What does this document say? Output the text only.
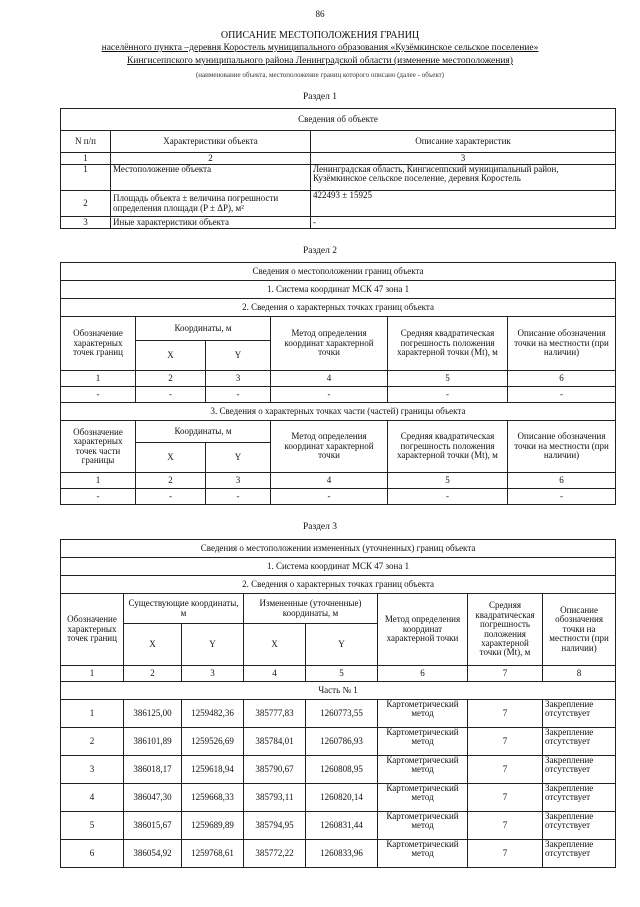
86
ОПИСАНИЕ МЕСТОПОЛОЖЕНИЯ ГРАНИЦ
населённого пункта –деревня Коростель муниципального образования «Кузёмкинское сельское поселение»
Кингисеппского муниципального района Ленинградской области (изменение местоположения)
(наименование объекта, местоположение границ которого описано (далее - объект)
Раздел 1
Сведения об объекте		
N п/п	Характеристики объекта	Описание характеристик
1	2	3
1	Местоположение объекта	Ленинградская область, Кингисеппский муниципальный район, Кузёмкинское сельское поселение, деревня Коростель
2	Площадь объекта ± величина погрешности определения площади (P ± ΔP), м²	422493 ± 15925
3	Иные характеристики объекта	-
Раздел 2
Сведения о местоположении границ объекта					
1. Система координат МСК 47 зона 1					
2. Сведения о характерных точках границ объекта					
Обозначение характерных точек границ	Координаты, м		Метод определения координат характерной точки	Средняя квадратическая погрешность положения характерной точки (Mt), м	Описание обозначения точки на местности (при наличии)
	X	Y			
1	2	3	4	5	6
-	-	-	-	-	-
3. Сведения о характерных точках части (частей) границы объекта					
Обозначение характерных точек части границы	Координаты, м		Метод определения координат характерной точки	Средняя квадратическая погрешность положения характерной точки (Mt), м	Описание обозначения точки на местности (при наличии)
	X	Y			
1	2	3	4	5	6
-	-	-	-	-	-
Раздел 3
Сведения о местоположении измененных (уточненных) границ объекта							
1. Система координат МСК 47 зона 1							
2. Сведения о характерных точках границ объекта							
Обозначение характерных точек границ	Существующие координаты, м		Измененные (уточненные) координаты, м		Метод определения координат характерной точки	Средняя квадратическая погрешность положения характерной точки (Mt), м	Описание обозначения точки на местности (при наличии)
	X	Y	X	Y			
1	2	3	4	5	6	7	8
Часть № 1							
1	386125,00	1259482,36	385777,83	1260773,55	Картометрический метод	7	Закрепление отсутствует
2	386101,89	1259526,69	385784,01	1260786,93	Картометрический метод	7	Закрепление отсутствует
3	386018,17	1259618,94	385790,67	1260808,95	Картометрический метод	7	Закрепление отсутствует
4	386047,30	1259668,33	385793,11	1260820,14	Картометрический метод	7	Закрепление отсутствует
5	386015,67	1259689,89	385794,95	1260831,44	Картометрический метод	7	Закрепление отсутствует
6	386054,92	1259768,61	385772,22	1260833,96	Картометрический метод	7	Закрепление отсутствует
